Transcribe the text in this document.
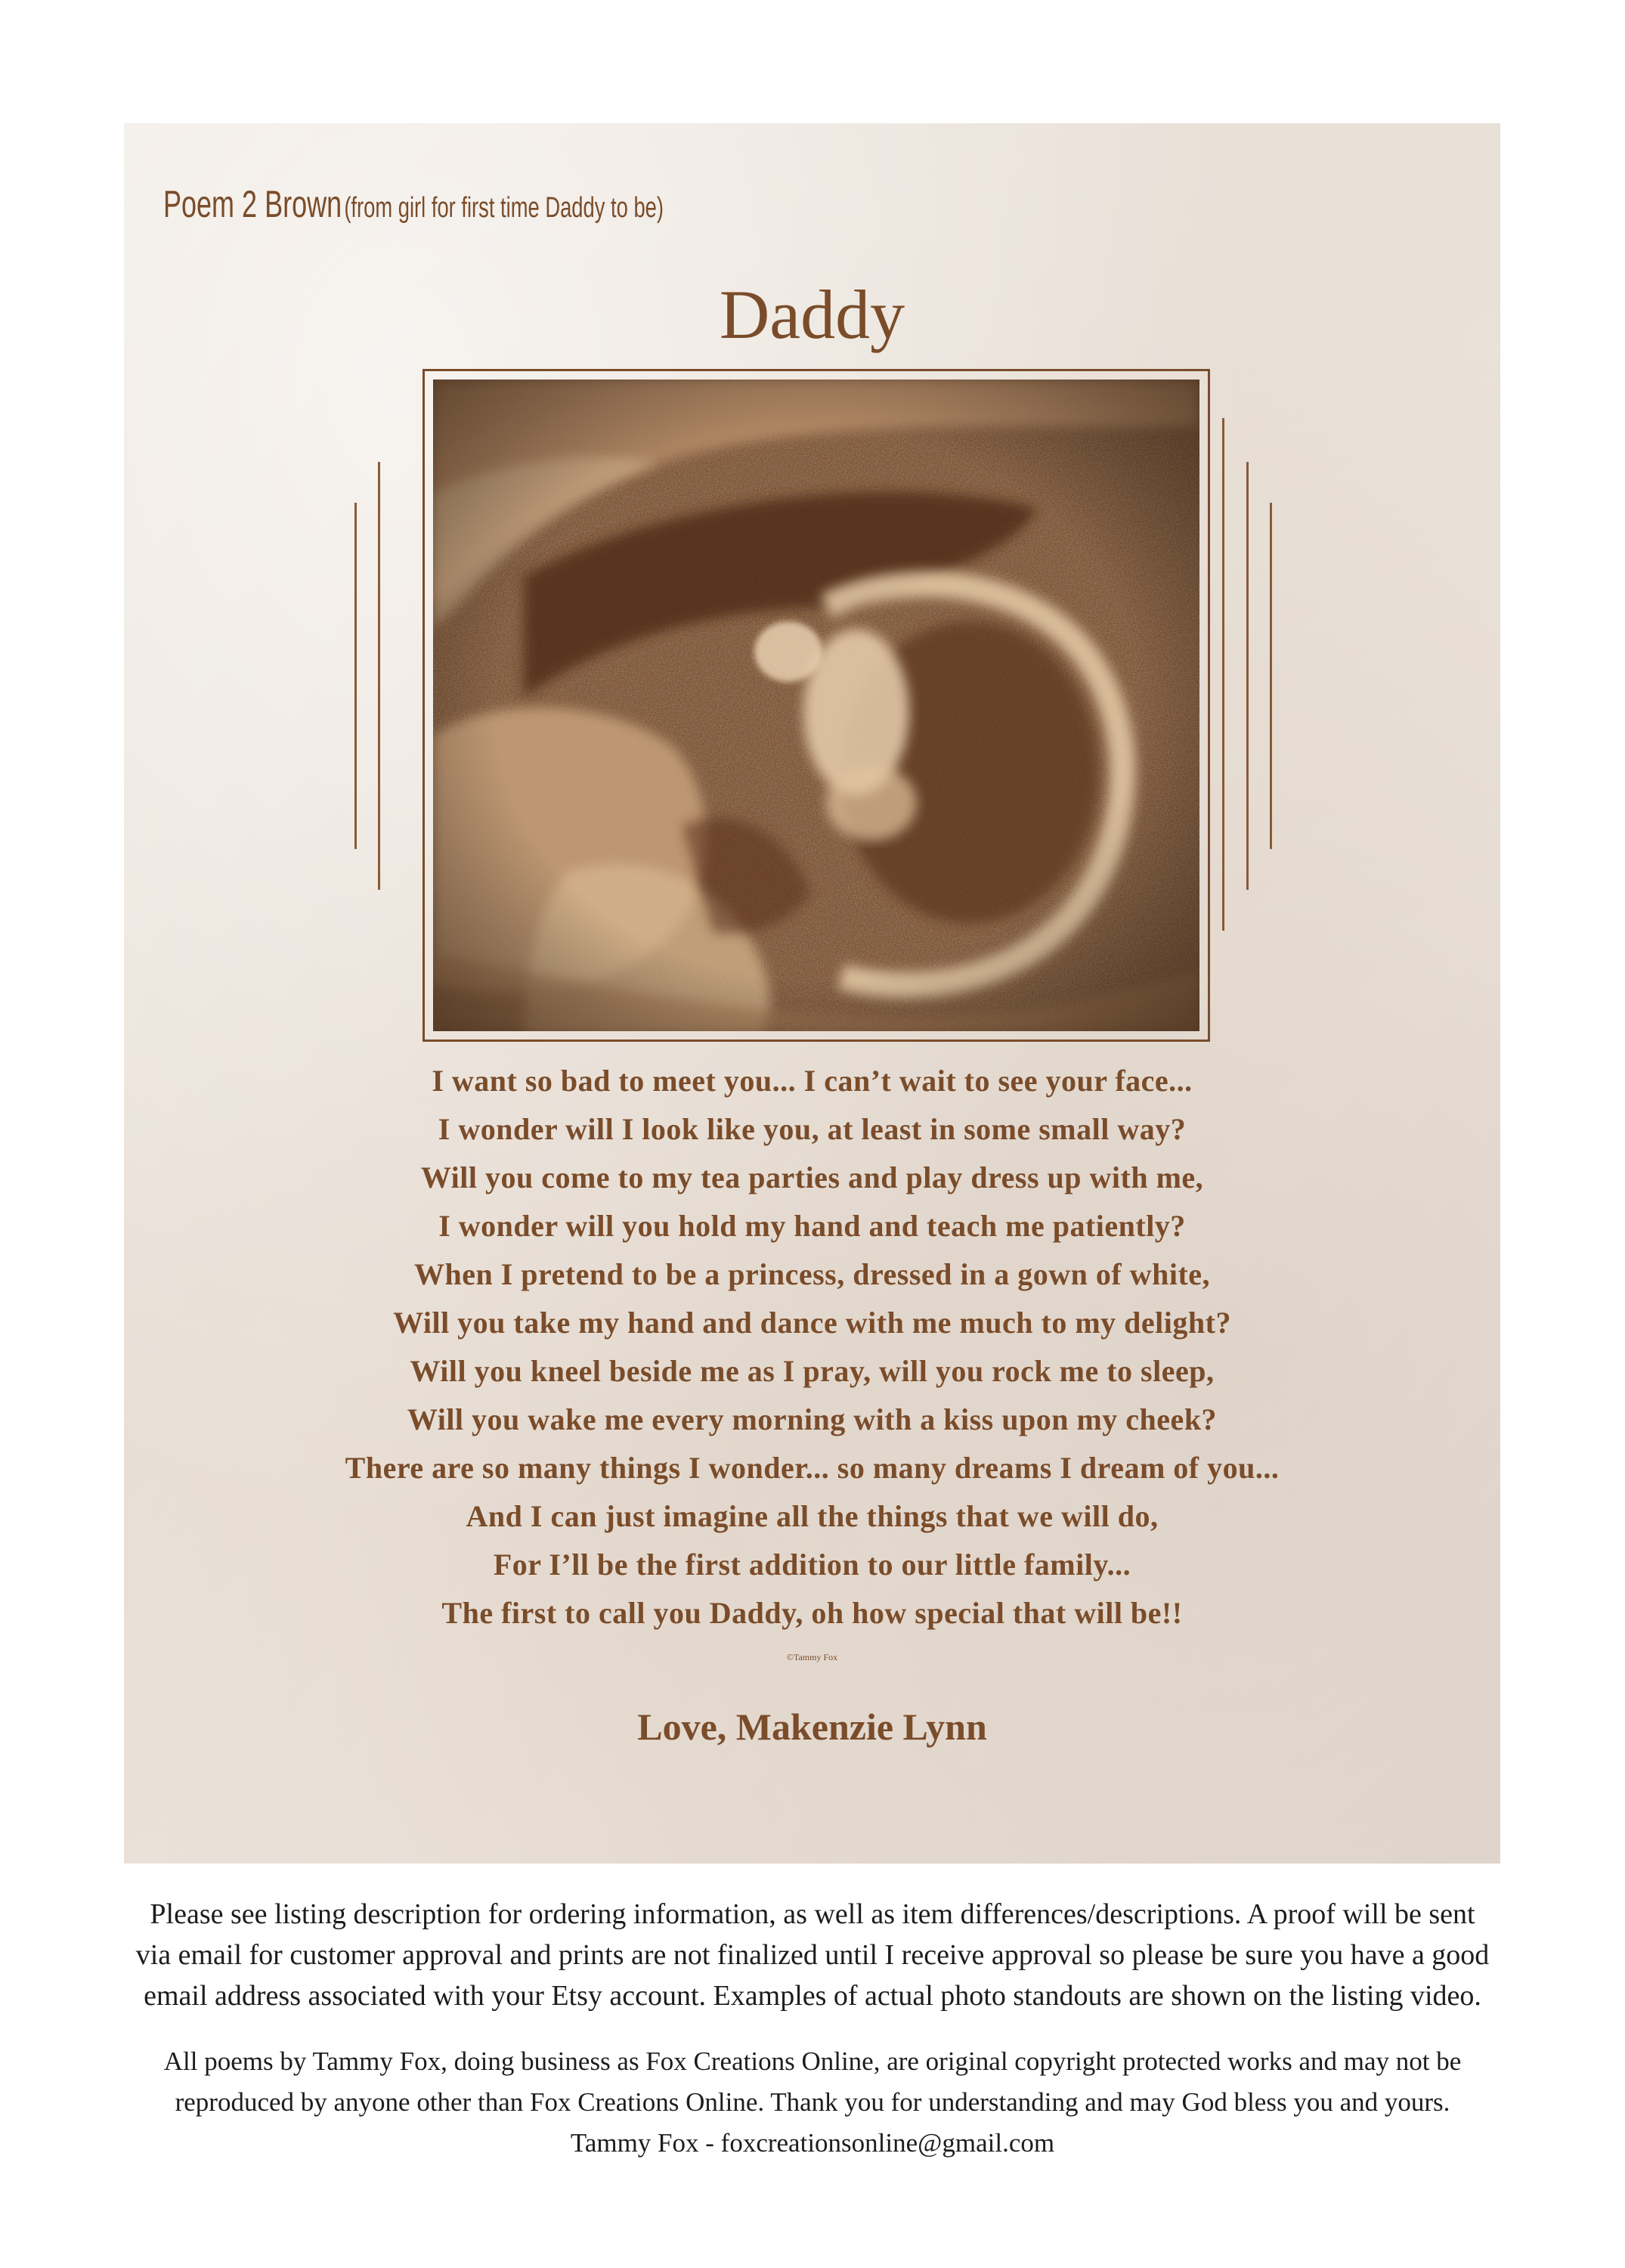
Poem 2 Brown (from girl for first time Daddy to be)
Daddy
I want so bad to meet you... I can’t wait to see your face...
I wonder will I look like you, at least in some small way?
Will you come to my tea parties and play dress up with me,
I wonder will you hold my hand and teach me patiently?
When I pretend to be a princess, dressed in a gown of white,
Will you take my hand and dance with me much to my delight?
Will you kneel beside me as I pray, will you rock me to sleep,
Will you wake me every morning with a kiss upon my cheek?
There are so many things I wonder... so many dreams I dream of you...
And I can just imagine all the things that we will do,
For I’ll be the first addition to our little family...
The first to call you Daddy, oh how special that will be!!
©Tammy Fox
Love, Makenzie Lynn
Please see listing description for ordering information, as well as item differences/descriptions. A proof will be sent
via email for customer approval and prints are not finalized until I receive approval so please be sure you have a good
email address associated with your Etsy account. Examples of actual photo standouts are shown on the listing video.
All poems by Tammy Fox, doing business as Fox Creations Online, are original copyright protected works and may not be
reproduced by anyone other than Fox Creations Online. Thank you for understanding and may God bless you and yours.
Tammy Fox - foxcreationsonline@gmail.com
